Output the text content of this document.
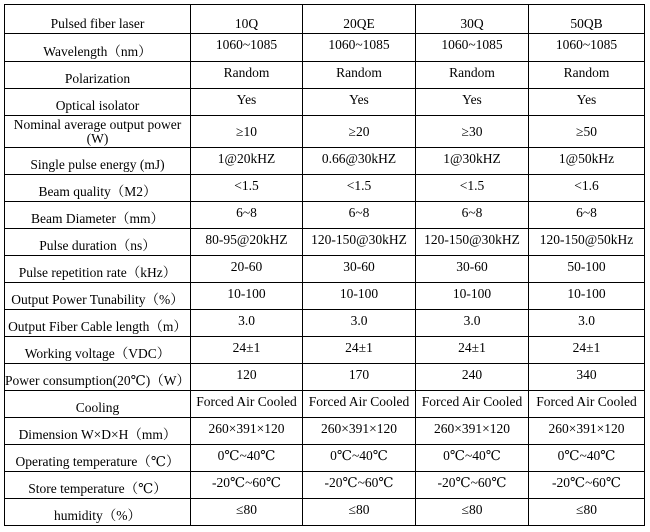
Pulsed fiber laser	10Q	20QE	30Q	50QB
Wavelength（nm）	1060~1085	1060~1085	1060~1085	1060~1085
Polarization	Random	Random	Random	Random
Optical isolator	Yes	Yes	Yes	Yes
Nominal average output power (W)	≥10	≥20	≥30	≥50
Single pulse energy (mJ)	1@20kHZ	0.66@30kHZ	1@30kHZ	1@50kHz
Beam quality（M2）	<1.5	<1.5	<1.5	<1.6
Beam Diameter（mm）	6~8	6~8	6~8	6~8
Pulse duration（ns）	80-95@20kHZ	120-150@30kHZ	120-150@30kHZ	120-150@50kHz
Pulse repetition rate（kHz）	20-60	30-60	30-60	50-100
Output Power Tunability（%）	10-100	10-100	10-100	10-100
Output Fiber Cable length（m）	3.0	3.0	3.0	3.0
Working voltage（VDC）	24±1	24±1	24±1	24±1
Power consumption(20℃)（W）	120	170	240	340
Cooling	Forced Air Cooled	Forced Air Cooled	Forced Air Cooled	Forced Air Cooled
Dimension W×D×H（mm）	260×391×120	260×391×120	260×391×120	260×391×120
Operating temperature（℃）	0℃~40℃	0℃~40℃	0℃~40℃	0℃~40℃
Store temperature（℃）	-20℃~60℃	-20℃~60℃	-20℃~60℃	-20℃~60℃
humidity（%）	≤80	≤80	≤80	≤80
